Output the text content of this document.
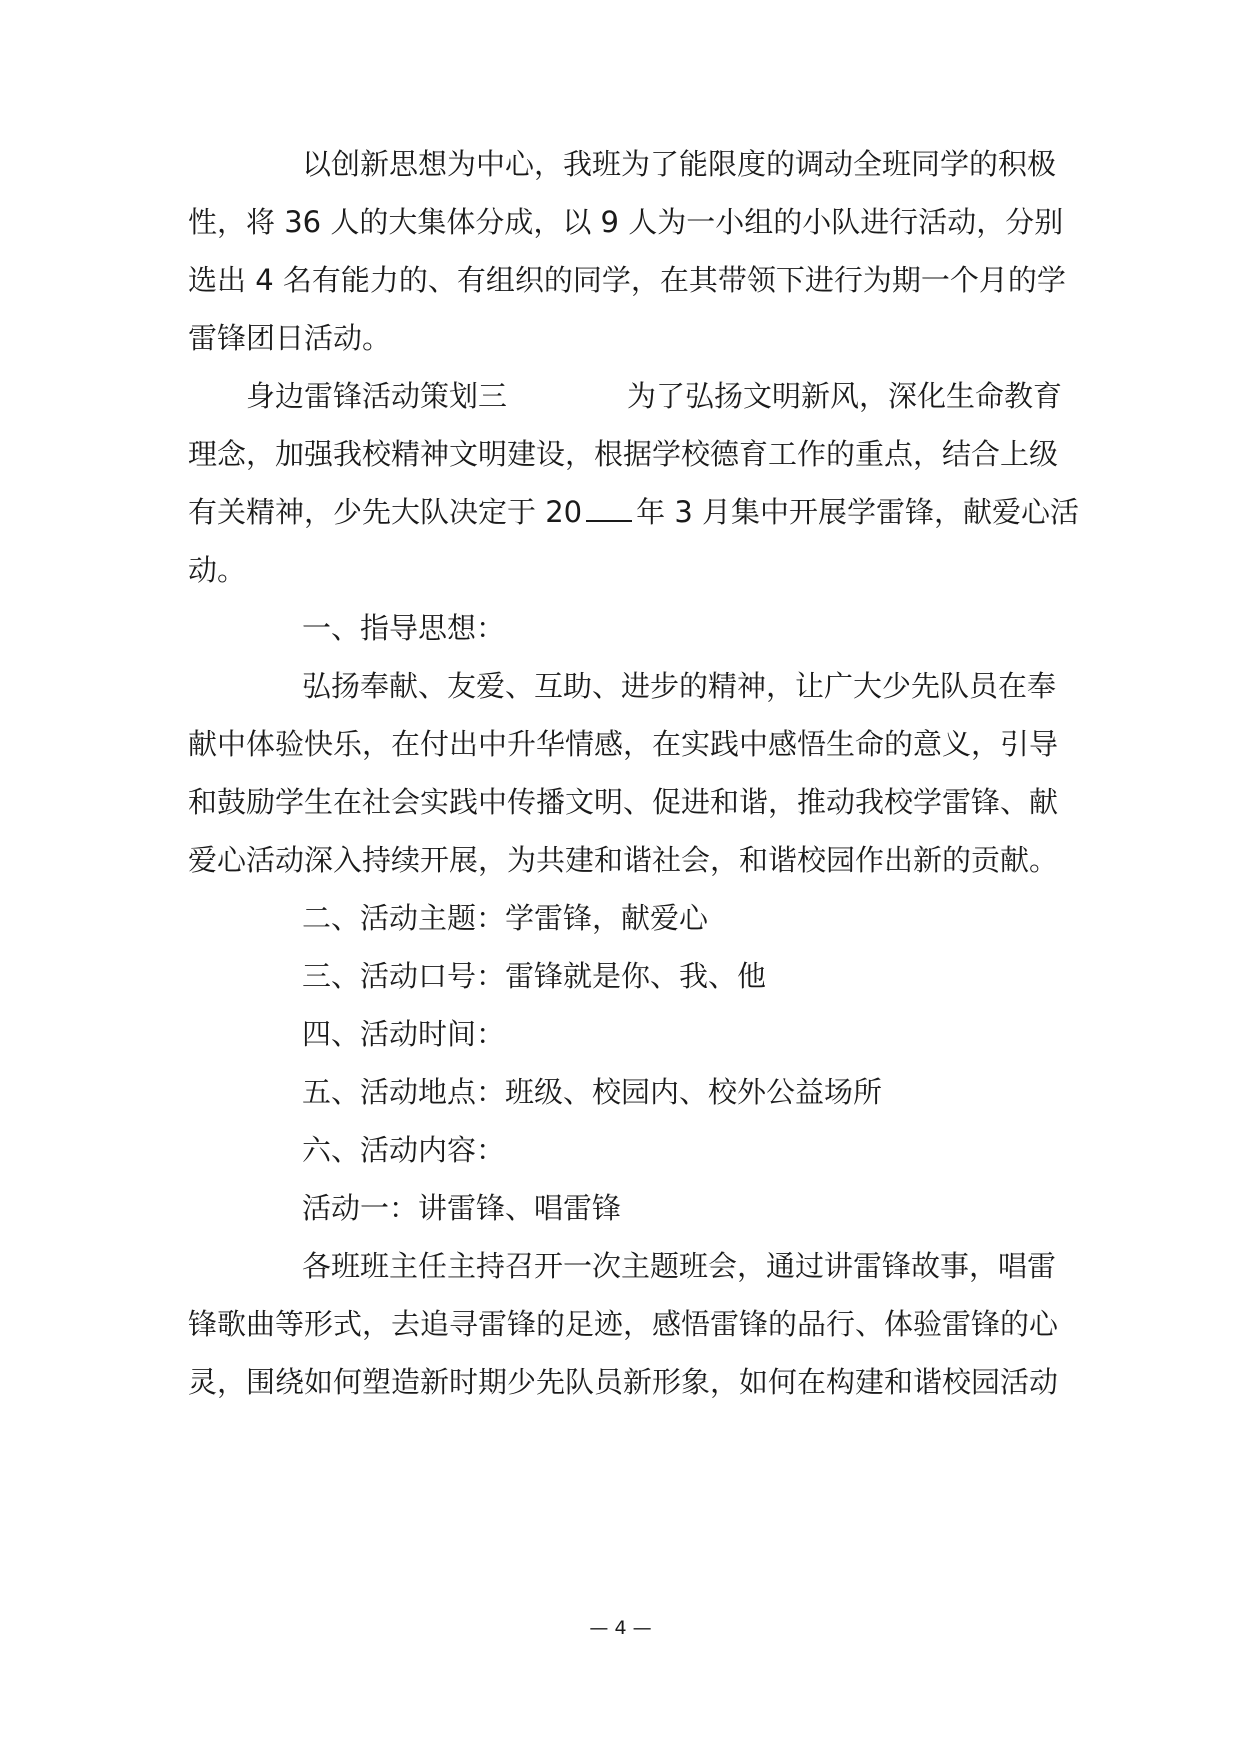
以创新思想为中心，我班为了能限度的调动全班同学的积极
性，将 36 人的大集体分成，以 9 人为一小组的小队进行活动，分别
选出 4 名有能力的、有组织的同学，在其带领下进行为期一个月的学
雷锋团日活动。
身边雷锋活动策划三	为了弘扬文明新风，深化生命教育
理念，加强我校精神文明建设，根据学校德育工作的重点，结合上级
有关精神，少先大队决定于 20 年 3 月集中开展学雷锋，献爱心活
动。
一、指导思想：
弘扬奉献、友爱、互助、进步的精神，让广大少先队员在奉
献中体验快乐，在付出中升华情感，在实践中感悟生命的意义，引导
和鼓励学生在社会实践中传播文明、促进和谐，推动我校学雷锋、献
爱心活动深入持续开展，为共建和谐社会，和谐校园作出新的贡献。
二、活动主题：学雷锋，献爱心
三、活动口号：雷锋就是你、我、他
四、活动时间：
五、活动地点：班级、校园内、校外公益场所
六、活动内容：
活动一：讲雷锋、唱雷锋
各班班主任主持召开一次主题班会，通过讲雷锋故事，唱雷
锋歌曲等形式，去追寻雷锋的足迹，感悟雷锋的品行、体验雷锋的心
灵，围绕如何塑造新时期少先队员新形象，如何在构建和谐校园活动
— 4 —
